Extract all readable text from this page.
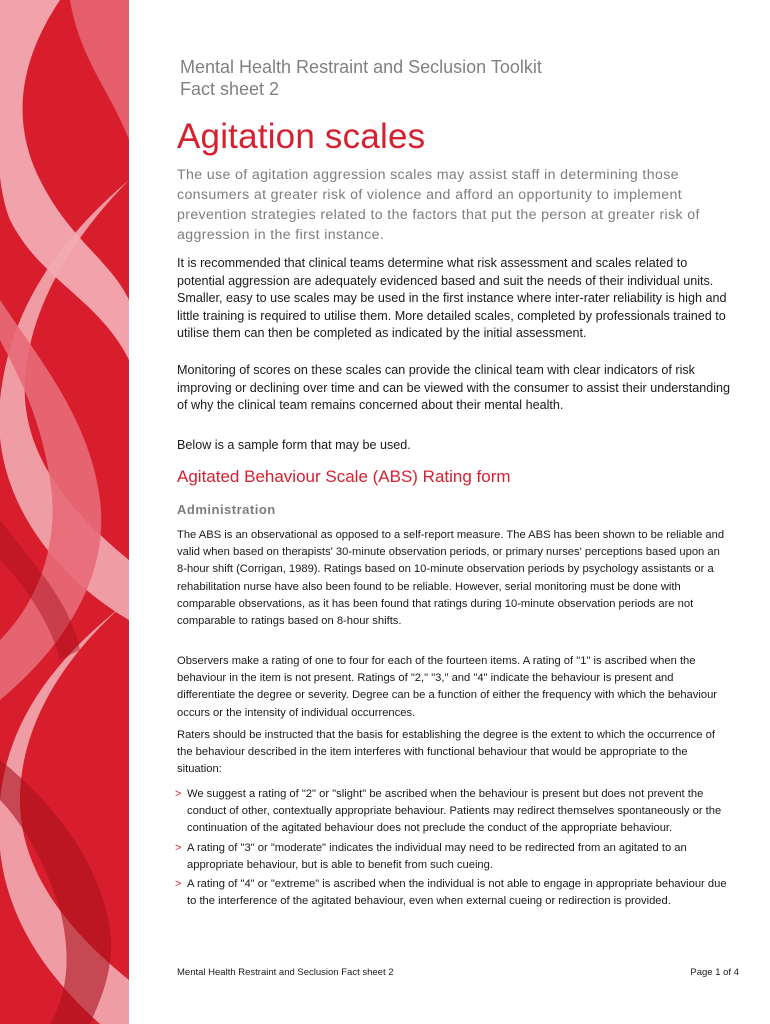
Mental Health Restraint and Seclusion Toolkit
Fact sheet 2
Agitation scales

The use of agitation aggression scales may assist staff in determining those consumers at greater risk of violence and afford an opportunity to implement prevention strategies related to the factors that put the person at greater risk of aggression in the first instance.

It is recommended that clinical teams determine what risk assessment and scales related to potential aggression are adequately evidenced based and suit the needs of their individual units. Smaller, easy to use scales may be used in the first instance where inter-rater reliability is high and little training is required to utilise them. More detailed scales, completed by professionals trained to utilise them can then be completed as indicated by the initial assessment.

Monitoring of scores on these scales can provide the clinical team with clear indicators of risk improving or declining over time and can be viewed with the consumer to assist their understanding of why the clinical team remains concerned about their mental health.

Below is a sample form that may be used.

Agitated Behaviour Scale (ABS) Rating form
Administration

The ABS is an observational as opposed to a self-report measure. The ABS has been shown to be reliable and valid when based on therapists' 30-minute observation periods, or primary nurses' perceptions based upon an 8-hour shift (Corrigan, 1989). Ratings based on 10-minute observation periods by psychology assistants or a rehabilitation nurse have also been found to be reliable. However, serial monitoring must be done with comparable observations, as it has been found that ratings during 10-minute observation periods are not comparable to ratings based on 8-hour shifts.

Observers make a rating of one to four for each of the fourteen items. A rating of "1" is ascribed when the behaviour in the item is not present. Ratings of "2," "3," and "4" indicate the behaviour is present and differentiate the degree or severity. Degree can be a function of either the frequency with which the behaviour occurs or the intensity of individual occurrences.

Raters should be instructed that the basis for establishing the degree is the extent to which the occurrence of the behaviour described in the item interferes with functional behaviour that would be appropriate to the situation:

> We suggest a rating of "2" or "slight" be ascribed when the behaviour is present but does not prevent the conduct of other, contextually appropriate behaviour. Patients may redirect themselves spontaneously or the continuation of the agitated behaviour does not preclude the conduct of the appropriate behaviour.
> A rating of "3" or "moderate" indicates the individual may need to be redirected from an agitated to an appropriate behaviour, but is able to benefit from such cueing.
> A rating of "4" or "extreme" is ascribed when the individual is not able to engage in appropriate behaviour due to the interference of the agitated behaviour, even when external cueing or redirection is provided.
Mental Health Restraint and Seclusion Fact sheet 2	Page 1 of 4
